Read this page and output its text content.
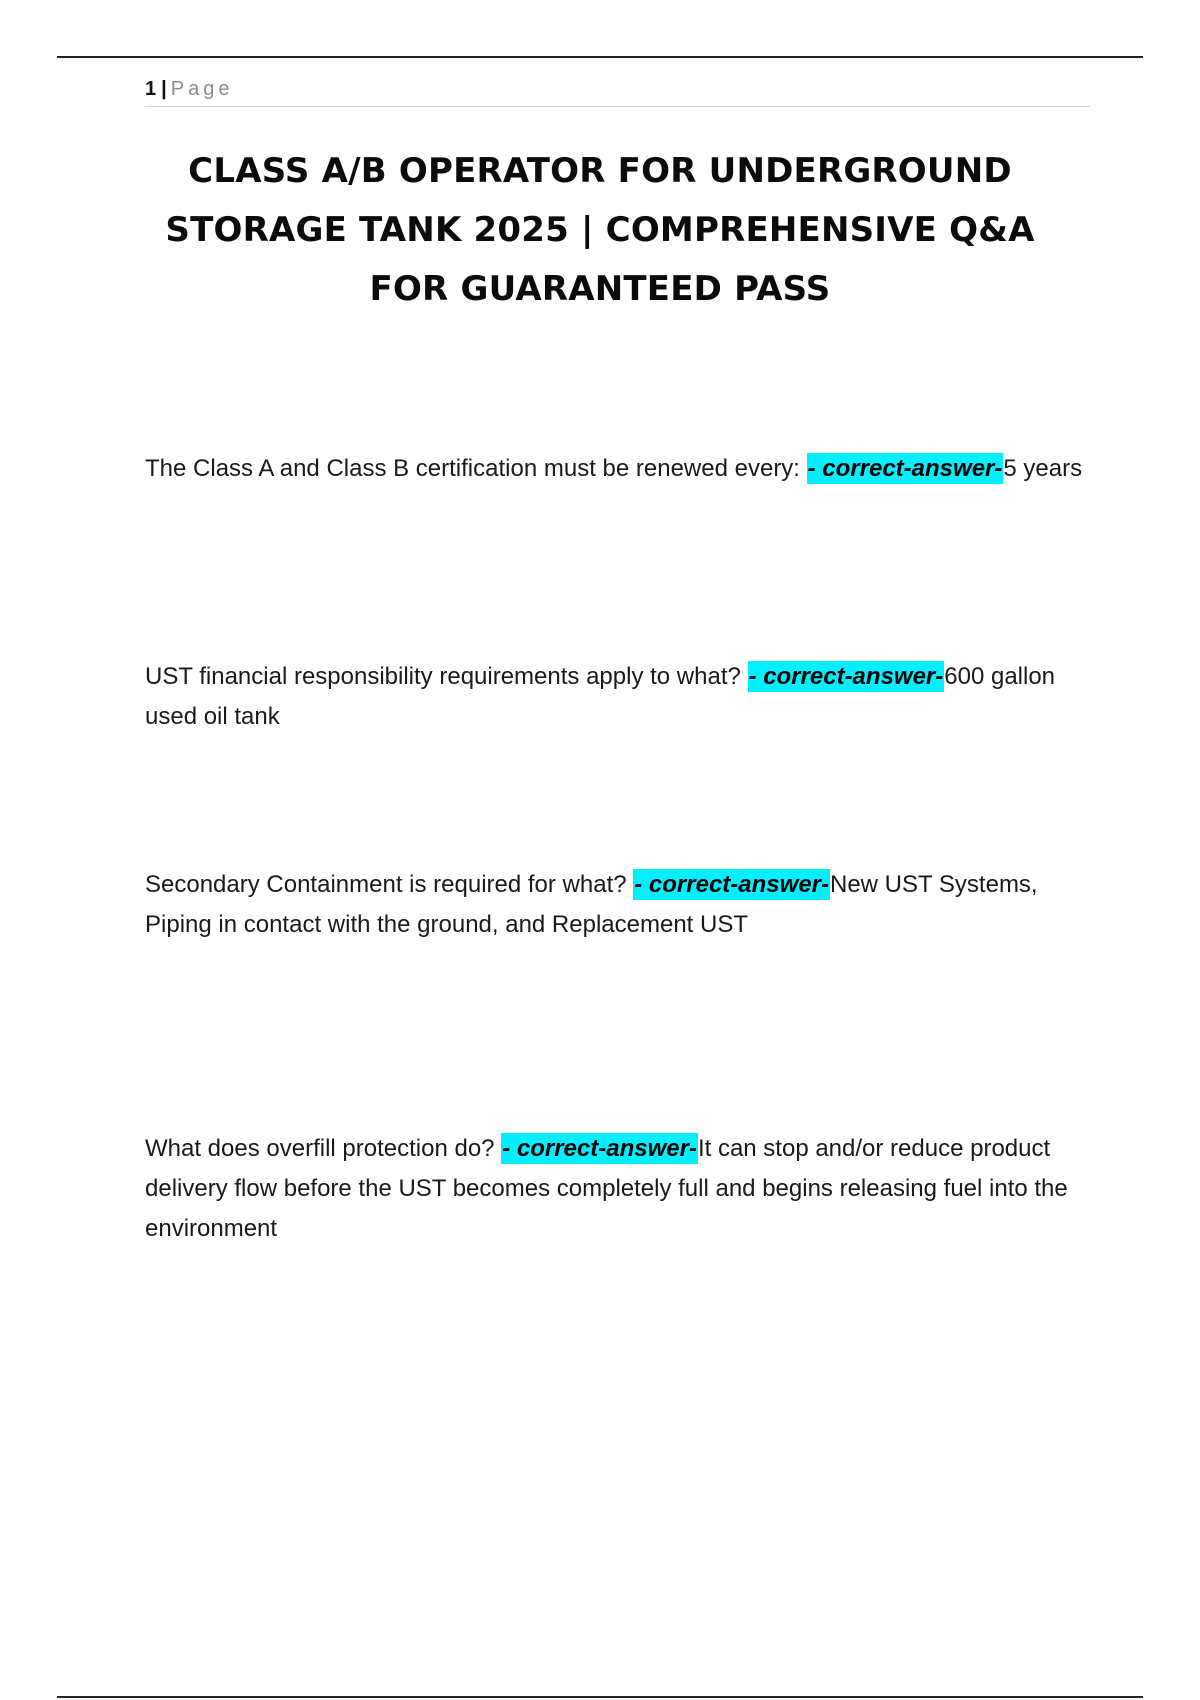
1 | Page
CLASS A/B OPERATOR FOR UNDERGROUND
STORAGE TANK 2025 | COMPREHENSIVE Q&A
FOR GUARANTEED PASS

The Class A and Class B certification must be renewed every: - correct-answer-5 years

UST financial responsibility requirements apply to what? - correct-answer-600 gallon used oil tank

Secondary Containment is required for what? - correct-answer-New UST Systems, Piping in contact with the ground, and Replacement UST

What does overfill protection do? - correct-answer-It can stop and/or reduce product delivery flow before the UST becomes completely full and begins releasing fuel into the environment
